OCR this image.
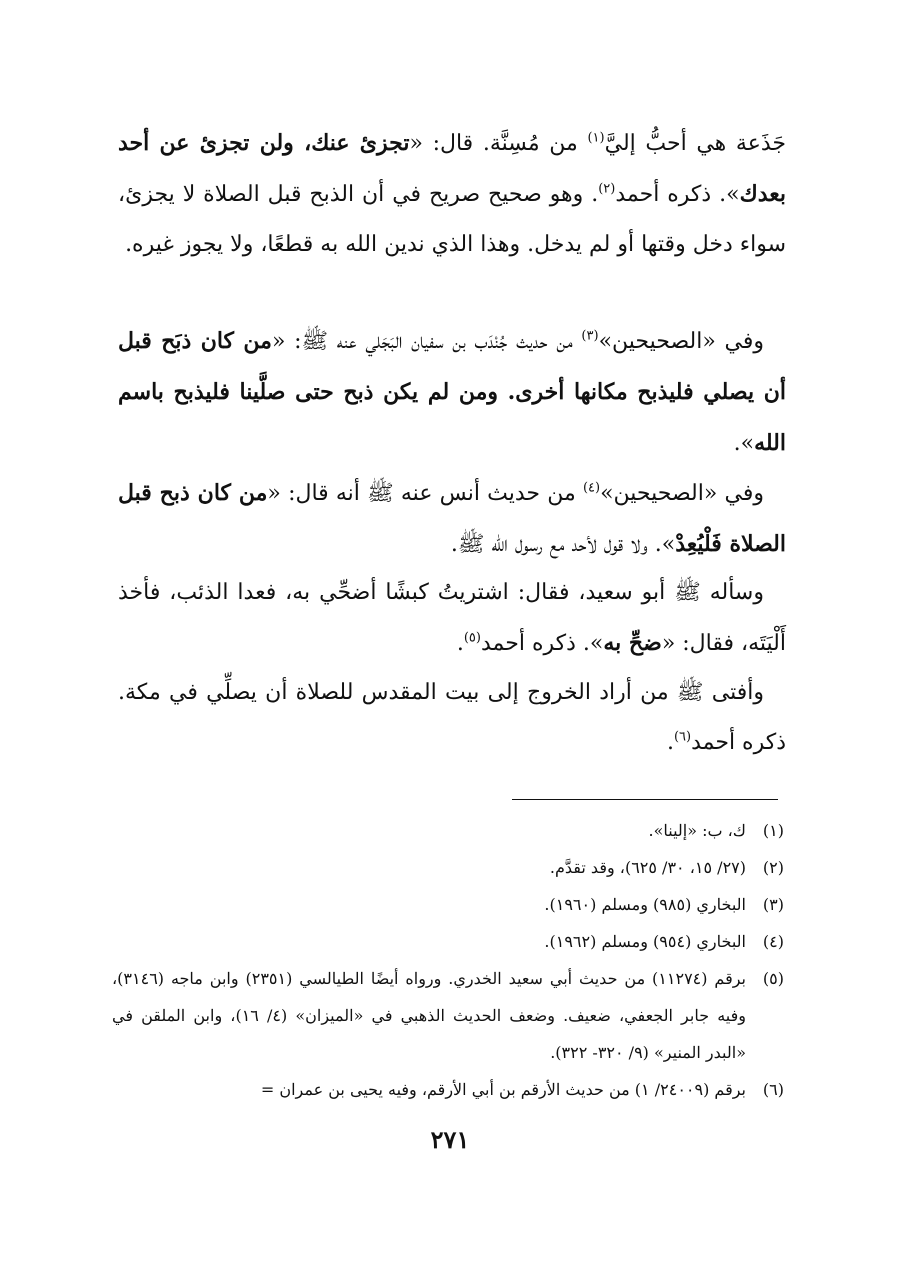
جَذَعة هي أحبُّ إليَّ$^{(١)}$ من مُسِنَّة. قال: «تجزئ عنك، ولن تجزئ عن أحد بعدك». ذكره أحمد$^{(٢)}$. وهو صحيح صريح في أن الذبح قبل الصلاة لا يجزئ، سواء دخل وقتها أو لم يدخل. وهذا الذي ندين الله به قطعًا، ولا يجوز غيره.

وفي «الصحيحين»$^{(٣)}$ من حديث جُنْدَب بن سفيان البَجَلي عنه ﷺ: «من كان ذبَح قبل أن يصلي فليذبح مكانها أخرى. ومن لم يكن ذبح حتى صلَّينا فليذبح باسم الله».

وفي «الصحيحين»$^{(٤)}$ من حديث أنس عنه ﷺ أنه قال: «من كان ذبح قبل الصلاة فَلْيُعِدْ». ولا قول لأحد مع رسول الله ﷺ.

وسأله ﷺ أبو سعيد، فقال: اشتريتُ كبشًا أضحِّي به، فعدا الذئب، فأخذ أَلْيَتَه، فقال: «ضحِّ به». ذكره أحمد$^{(٥)}$.

وأفتى ﷺ من أراد الخروج إلى بيت المقدس للصلاة أن يصلِّي في مكة. ذكره أحمد$^{(٦)}$.

(١)
ك، ب: «إلينا».
(٢)
(٢٧/ ١٥، ٣٠/ ٦٢٥)، وقد تقدَّم.
(٣)
البخاري (٩٨٥) ومسلم (١٩٦٠).
(٤)
البخاري (٩٥٤) ومسلم (١٩٦٢).
(٥)
برقم (١١٢٧٤) من حديث أبي سعيد الخدري. ورواه أيضًا الطيالسي (٢٣٥١) وابن ماجه (٣١٤٦)، وفيه جابر الجعفي، ضعيف. وضعف الحديث الذهبي في «الميزان» (٤/ ١٦)، وابن الملقن في «البدر المنير» (٩/ ٣٢٠- ٣٢٢).
(٦)
برقم (٢٤٠٠٩/ ١) من حديث الأرقم بن أبي الأرقم، وفيه يحيى بن عمران =
٢٧١
